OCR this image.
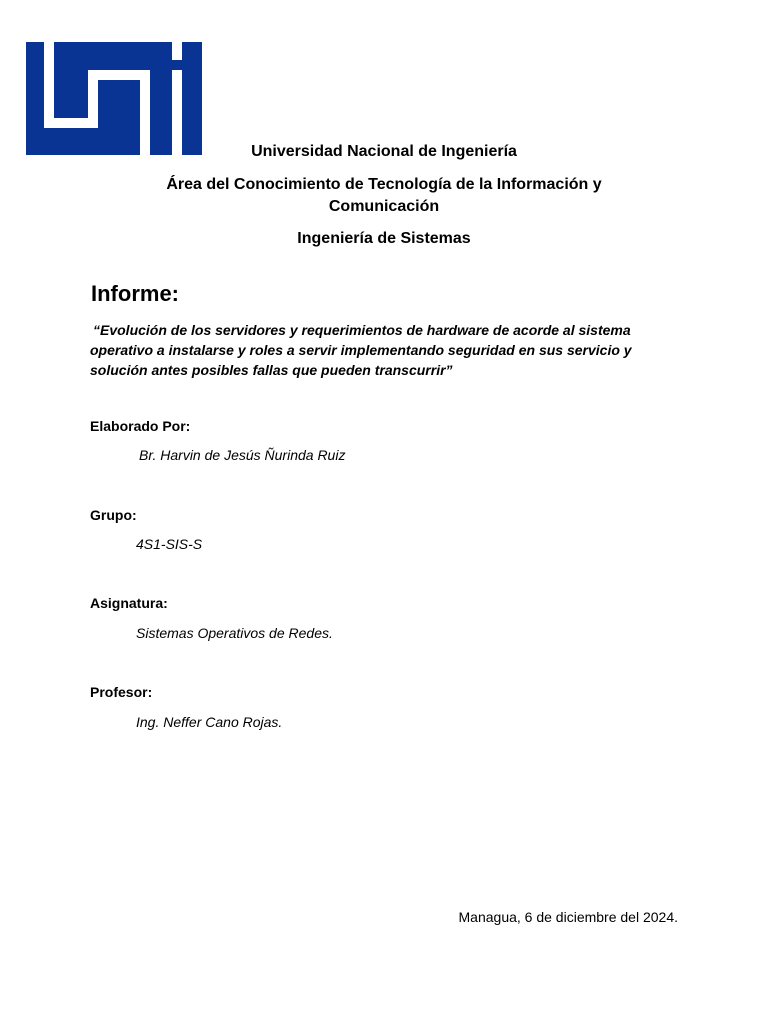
Universidad Nacional de Ingeniería
Área del Conocimiento de Tecnología de la Información y Comunicación
Ingeniería de Sistemas
Informe:
“Evolución de los servidores y requerimientos de hardware de acorde al sistema operativo a instalarse y roles a servir implementando seguridad en sus servicio y solución antes posibles fallas que pueden transcurrir”
Elaborado Por:
Br. Harvin de Jesús Ñurinda Ruiz
Grupo:
4S1-SIS-S
Asignatura:
Sistemas Operativos de Redes.
Profesor:
Ing. Neffer Cano Rojas.
Managua, 6 de diciembre del 2024.
